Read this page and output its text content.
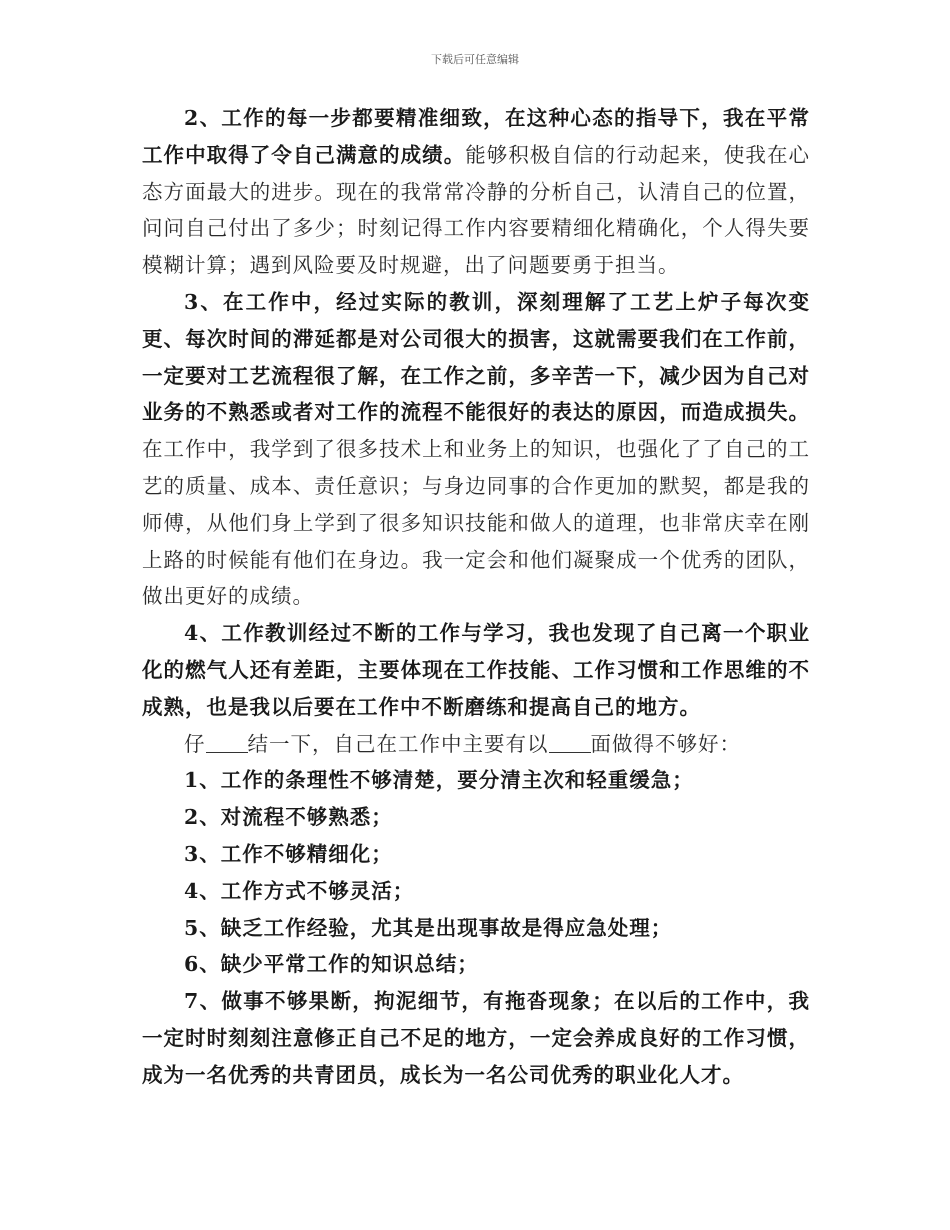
下载后可任意编辑

2、工作的每一步都要精准细致，在这种心态的指导下，我在平常工作中取得了令自己满意的成绩。能够积极自信的行动起来，使我在心态方面最大的进步。现在的我常常冷静的分析自己，认清自己的位置，问问自己付出了多少；时刻记得工作内容要精细化精确化，个人得失要模糊计算；遇到风险要及时规避，出了问题要勇于担当。

3、在工作中，经过实际的教训，深刻理解了工艺上炉子每次变更、每次时间的滞延都是对公司很大的损害，这就需要我们在工作前，一定要对工艺流程很了解，在工作之前，多辛苦一下，减少因为自己对业务的不熟悉或者对工作的流程不能很好的表达的原因，而造成损失。在工作中，我学到了很多技术上和业务上的知识，也强化了了自己的工艺的质量、成本、责任意识；与身边同事的合作更加的默契，都是我的师傅，从他们身上学到了很多知识技能和做人的道理，也非常庆幸在刚上路的时候能有他们在身边。我一定会和他们凝聚成一个优秀的团队，做出更好的成绩。

4、工作教训经过不断的工作与学习，我也发现了自己离一个职业化的燃气人还有差距，主要体现在工作技能、工作习惯和工作思维的不成熟，也是我以后要在工作中不断磨练和提高自己的地方。

仔 结一下，自己在工作中主要有以 面做得不够好：

1、工作的条理性不够清楚，要分清主次和轻重缓急；

2、对流程不够熟悉；

3、工作不够精细化；

4、工作方式不够灵活；

5、缺乏工作经验，尤其是出现事故是得应急处理；

6、缺少平常工作的知识总结；

7、做事不够果断，拘泥细节，有拖沓现象；在以后的工作中，我一定时时刻刻注意修正自己不足的地方，一定会养成良好的工作习惯，成为一名优秀的共青团员，成长为一名公司优秀的职业化人才。
